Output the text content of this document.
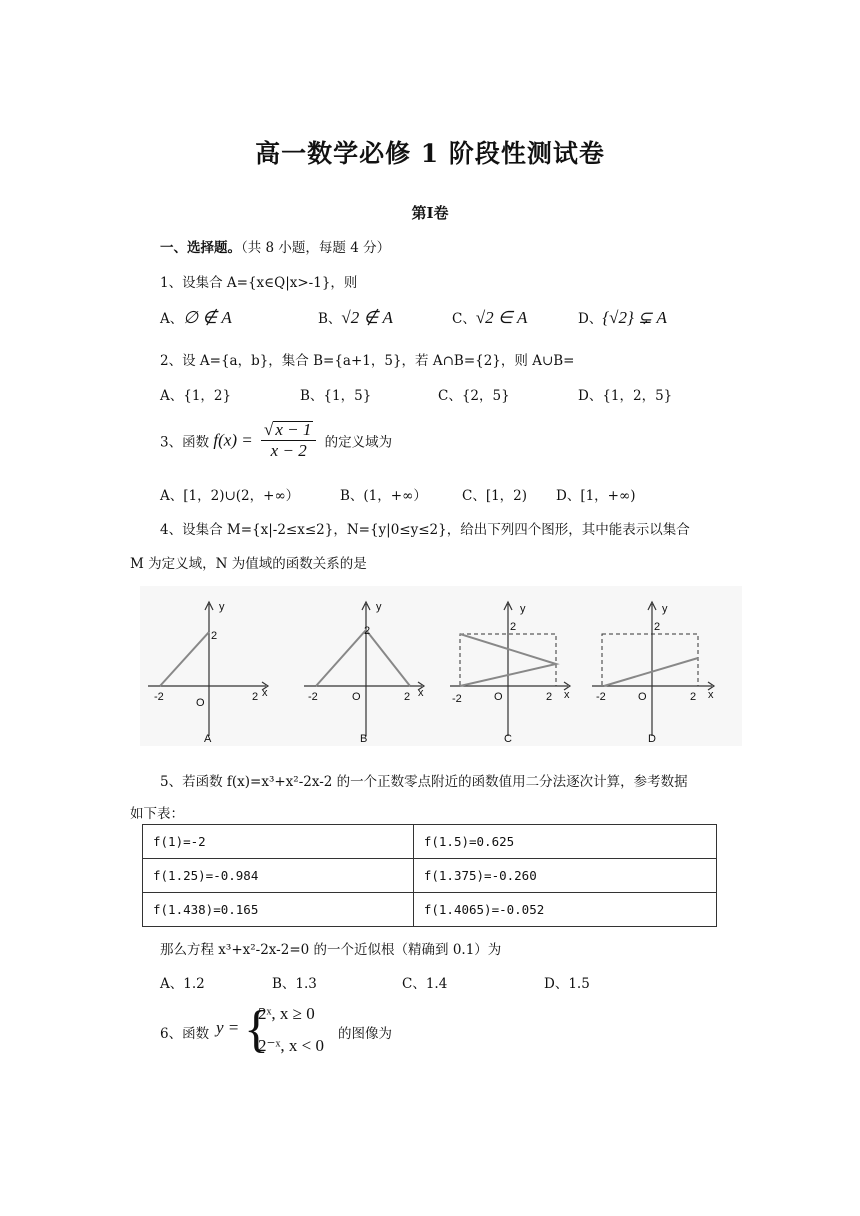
高一数学必修 1 阶段性测试卷
第Ⅰ卷
一、选择题。（共 8 小题，每题 4 分）
1、设集合 A={x∈Q|x>-1}，则
A、∅ ∉ A	B、√2 ∉ A	C、√2 ∈ A	D、{√2} ⊊ A
2、设 A={a，b}，集合 B={a+1，5}，若 A∩B={2}，则 A∪B=
A、{1，2}	B、{1，5}	C、{2，5}	D、{1，2，5}
3、函数 $f(x) = \frac{√ x - 1}{x - 2}$ 的定义域为
A、[1，2)∪(2，+∞）	B、(1，+∞）	C、[1，2) D、[1，+∞)
4、设集合 M={x|-2≤x≤2}，N={y|0≤y≤2}，给出下列四个图形，其中能表示以集合
M 为定义域，N 为值域的函数关系的是
y
x
2
-2	2
O
A
y
x
2
-2	2
O
B
y
x
2
-2	2
O
C
y
x
2
-2	2
O
D
5、若函数 f(x)=x³+x²-2x-2 的一个正数零点附近的函数值用二分法逐次计算，参考数据
如下表：
f(1)=-2	f(1.5)=0.625
f(1.25)=-0.984	f(1.375)=-0.260
f(1.438)=0.165	f(1.4065)=-0.052
那么方程 x³+x²-2x-2=0 的一个近似根（精确到 0.1）为
A、1.2	B、1.3	C、1.4	D、1.5
6、函数 y = {
2ˣ, x ≥ 0
2⁻ˣ, x < 0
的图像为
